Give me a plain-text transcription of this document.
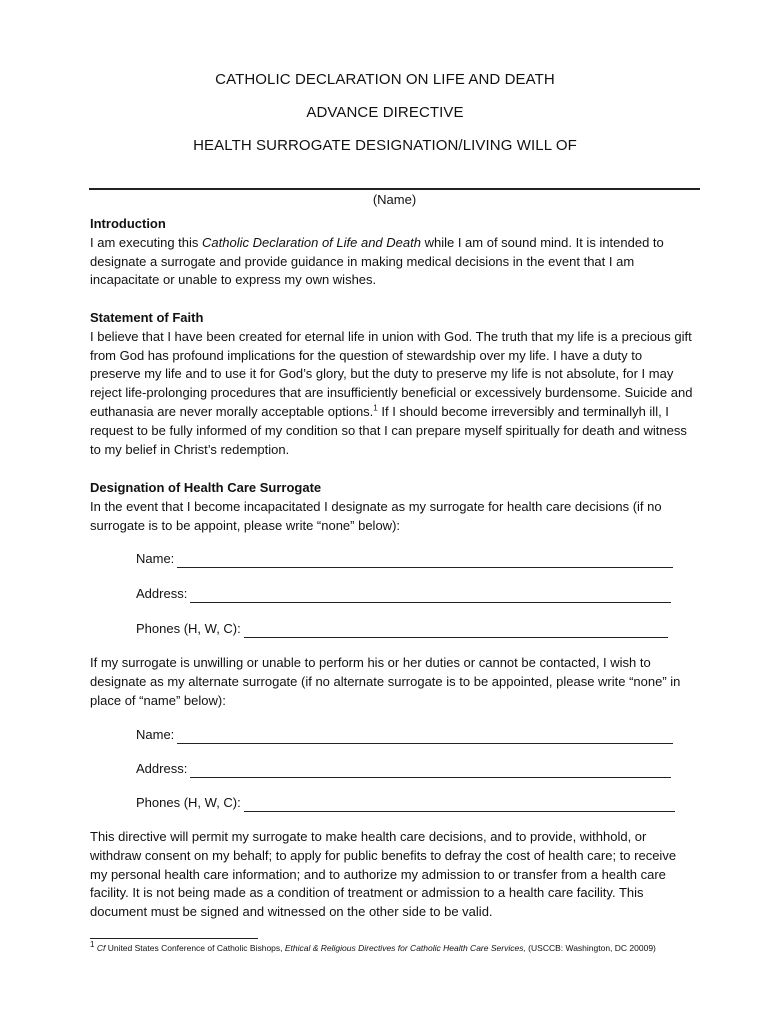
CATHOLIC DECLARATION ON LIFE AND DEATH
ADVANCE DIRECTIVE
HEALTH SURROGATE DESIGNATION/LIVING WILL OF
(Name)
Introduction

I am executing this Catholic Declaration of Life and Death while I am of sound mind. It is intended to designate a surrogate and provide guidance in making medical decisions in the event that I am incapacitate or unable to express my own wishes.

Statement of Faith

I believe that I have been created for eternal life in union with God. The truth that my life is a precious gift from God has profound implications for the question of stewardship over my life. I have a duty to preserve my life and to use it for God’s glory, but the duty to preserve my life is not absolute, for I may reject life-prolonging procedures that are insufficiently beneficial or excessively burdensome. Suicide and euthanasia are never morally acceptable options.$^1$ If I should become irreversibly and terminallyh ill, I request to be fully informed of my condition so that I can prepare myself spiritually for death and witness to my belief in Christ’s redemption.

Designation of Health Care Surrogate

In the event that I become incapacitated I designate as my surrogate for health care decisions (if no surrogate is to be appoint, please write “none” below):

Name:
Address:
Phones (H, W, C):

If my surrogate is unwilling or unable to perform his or her duties or cannot be contacted, I wish to designate as my alternate surrogate (if no alternate surrogate is to be appointed, please write “none” in place of “name” below):

Name:
Address:
Phones (H, W, C):

This directive will permit my surrogate to make health care decisions, and to provide, withhold, or withdraw consent on my behalf; to apply for public benefits to defray the cost of health care; to receive my personal health care information; and to authorize my admission to or transfer from a health care facility. It is not being made as a condition of treatment or admission to a health care facility. This document must be signed and witnessed on the other side to be valid.

$^1$ Cf United States Conference of Catholic Bishops, Ethical & Religious Directives for Catholic Health Care Services, (USCCB: Washington, DC 20009)
